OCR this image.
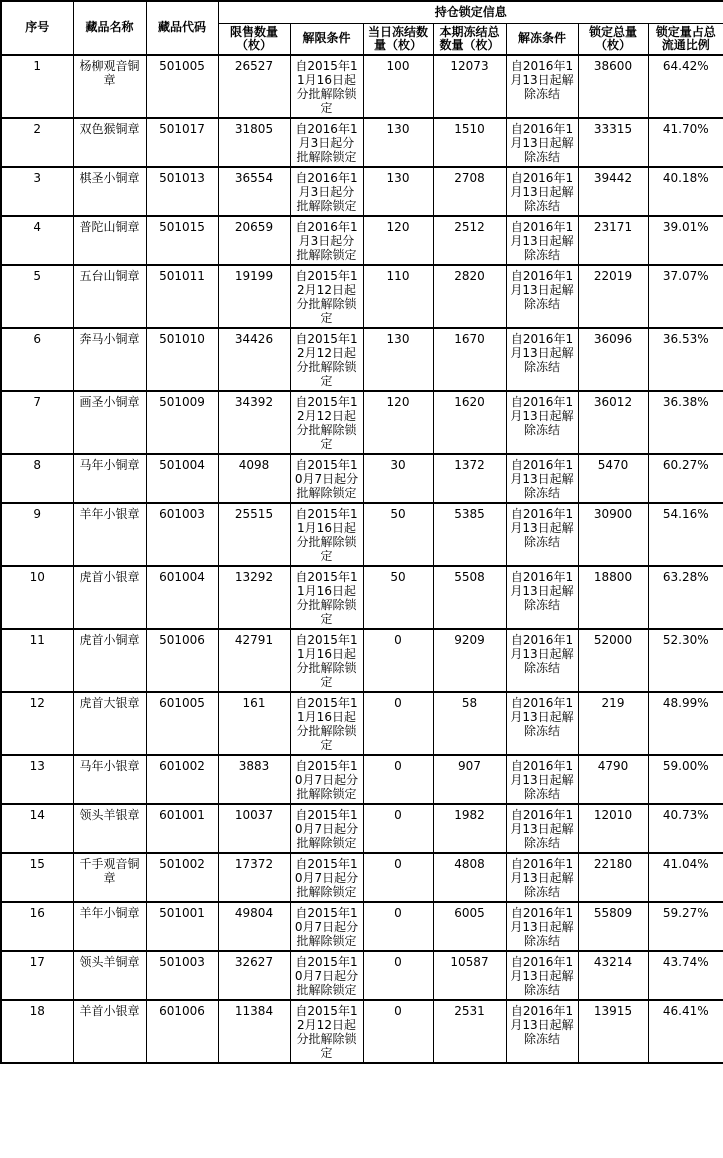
序号	藏品名称	藏品代码	持仓锁定信息						
			限售数量（枚）	解限条件	当日冻结数量（枚）	本期冻结总数量（枚）	解冻条件	锁定总量（枚）	锁定量占总流通比例
1	杨柳观音铜章	501005	26527	自2015年11月16日起分批解除锁定	100	12073	自2016年1月13日起解除冻结	38600	64.42%
2	双色猴铜章	501017	31805	自2016年1月3日起分批解除锁定	130	1510	自2016年1月13日起解除冻结	33315	41.70%
3	棋圣小铜章	501013	36554	自2016年1月3日起分批解除锁定	130	2708	自2016年1月13日起解除冻结	39442	40.18%
4	普陀山铜章	501015	20659	自2016年1月3日起分批解除锁定	120	2512	自2016年1月13日起解除冻结	23171	39.01%
5	五台山铜章	501011	19199	自2015年12月12日起分批解除锁定	110	2820	自2016年1月13日起解除冻结	22019	37.07%
6	奔马小铜章	501010	34426	自2015年12月12日起分批解除锁定	130	1670	自2016年1月13日起解除冻结	36096	36.53%
7	画圣小铜章	501009	34392	自2015年12月12日起分批解除锁定	120	1620	自2016年1月13日起解除冻结	36012	36.38%
8	马年小铜章	501004	4098	自2015年10月7日起分批解除锁定	30	1372	自2016年1月13日起解除冻结	5470	60.27%
9	羊年小银章	601003	25515	自2015年11月16日起分批解除锁定	50	5385	自2016年1月13日起解除冻结	30900	54.16%
10	虎首小银章	601004	13292	自2015年11月16日起分批解除锁定	50	5508	自2016年1月13日起解除冻结	18800	63.28%
11	虎首小铜章	501006	42791	自2015年11月16日起分批解除锁定	0	9209	自2016年1月13日起解除冻结	52000	52.30%
12	虎首大银章	601005	161	自2015年11月16日起分批解除锁定	0	58	自2016年1月13日起解除冻结	219	48.99%
13	马年小银章	601002	3883	自2015年10月7日起分批解除锁定	0	907	自2016年1月13日起解除冻结	4790	59.00%
14	领头羊银章	601001	10037	自2015年10月7日起分批解除锁定	0	1982	自2016年1月13日起解除冻结	12010	40.73%
15	千手观音铜章	501002	17372	自2015年10月7日起分批解除锁定	0	4808	自2016年1月13日起解除冻结	22180	41.04%
16	羊年小铜章	501001	49804	自2015年10月7日起分批解除锁定	0	6005	自2016年1月13日起解除冻结	55809	59.27%
17	领头羊铜章	501003	32627	自2015年10月7日起分批解除锁定	0	10587	自2016年1月13日起解除冻结	43214	43.74%
18	羊首小银章	601006	11384	自2015年12月12日起分批解除锁定	0	2531	自2016年1月13日起解除冻结	13915	46.41%
